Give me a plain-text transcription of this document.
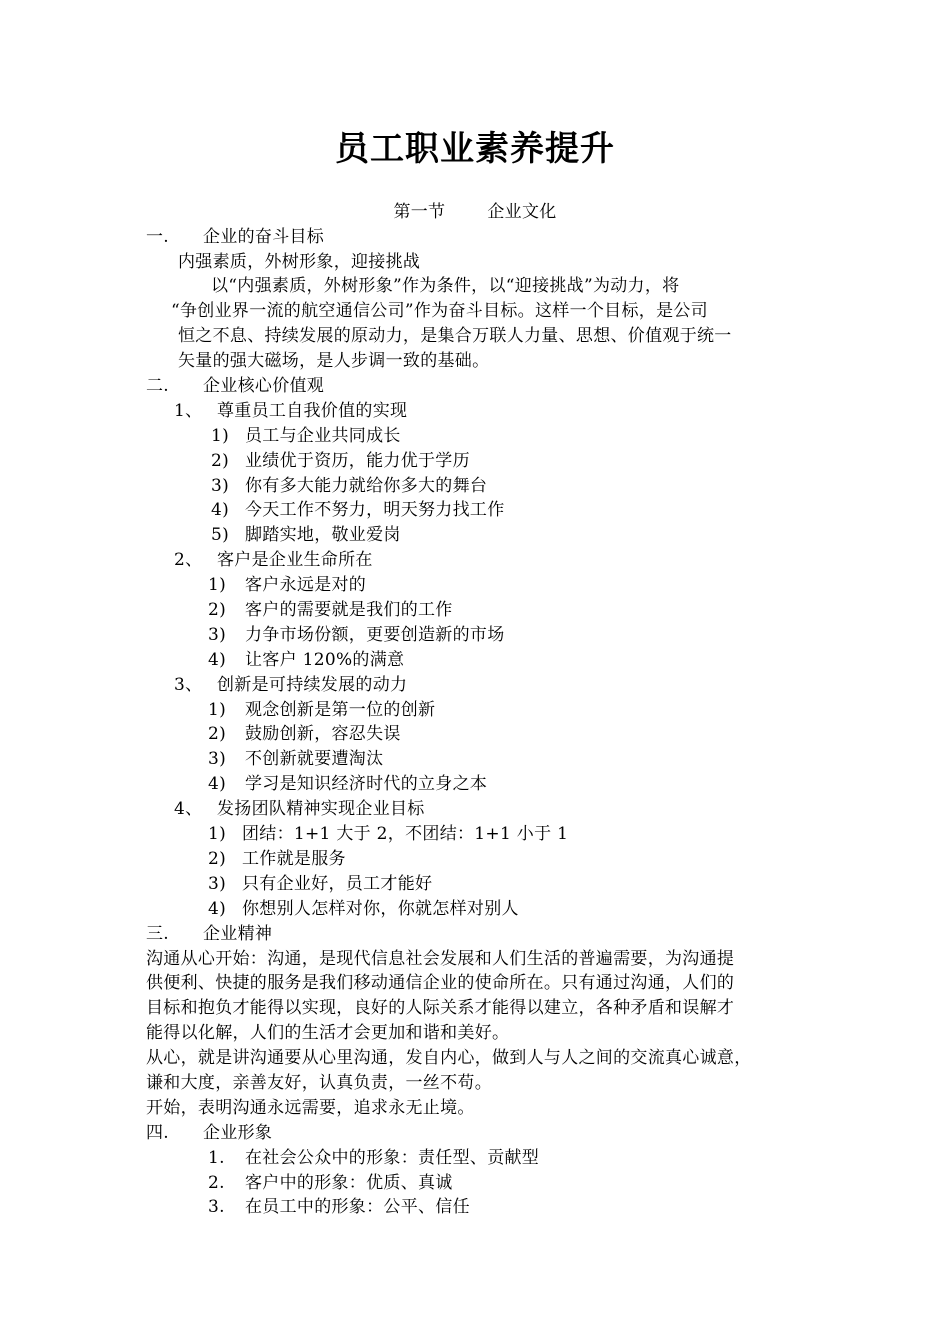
员工职业素养提升
第一节 企业文化
一. 企业的奋斗目标
内强素质，外树形象，迎接挑战
以“内强素质，外树形象”作为条件，以“迎接挑战”为动力，将
“争创业界一流的航空通信公司”作为奋斗目标。这样一个目标，是公司
恒之不息、持续发展的原动力，是集合万联人力量、思想、价值观于统一
矢量的强大磁场，是人步调一致的基础。
二. 企业核心价值观
1、 尊重员工自我价值的实现
1) 员工与企业共同成长
2) 业绩优于资历，能力优于学历
3) 你有多大能力就给你多大的舞台
4) 今天工作不努力，明天努力找工作
5) 脚踏实地，敬业爱岗
2、 客户是企业生命所在
1) 客户永远是对的
2) 客户的需要就是我们的工作
3) 力争市场份额，更要创造新的市场
4) 让客户 120%的满意
3、 创新是可持续发展的动力
1) 观念创新是第一位的创新
2) 鼓励创新，容忍失误
3) 不创新就要遭淘汰
4) 学习是知识经济时代的立身之本
4、 发扬团队精神实现企业目标
1) 团结：1+1 大于 2，不团结：1+1 小于 1
2) 工作就是服务
3) 只有企业好，员工才能好
4) 你想别人怎样对你，你就怎样对别人
三. 企业精神
沟通从心开始：沟通，是现代信息社会发展和人们生活的普遍需要，为沟通提
供便利、快捷的服务是我们移动通信企业的使命所在。只有通过沟通，人们的
目标和抱负才能得以实现，良好的人际关系才能得以建立，各种矛盾和误解才
能得以化解，人们的生活才会更加和谐和美好。
从心，就是讲沟通要从心里沟通，发自内心，做到人与人之间的交流真心诚意，
谦和大度，亲善友好，认真负责，一丝不苟。
开始，表明沟通永远需要，追求永无止境。
四. 企业形象
1. 在社会公众中的形象：责任型、贡献型
2. 客户中的形象：优质、真诚
3. 在员工中的形象：公平、信任
